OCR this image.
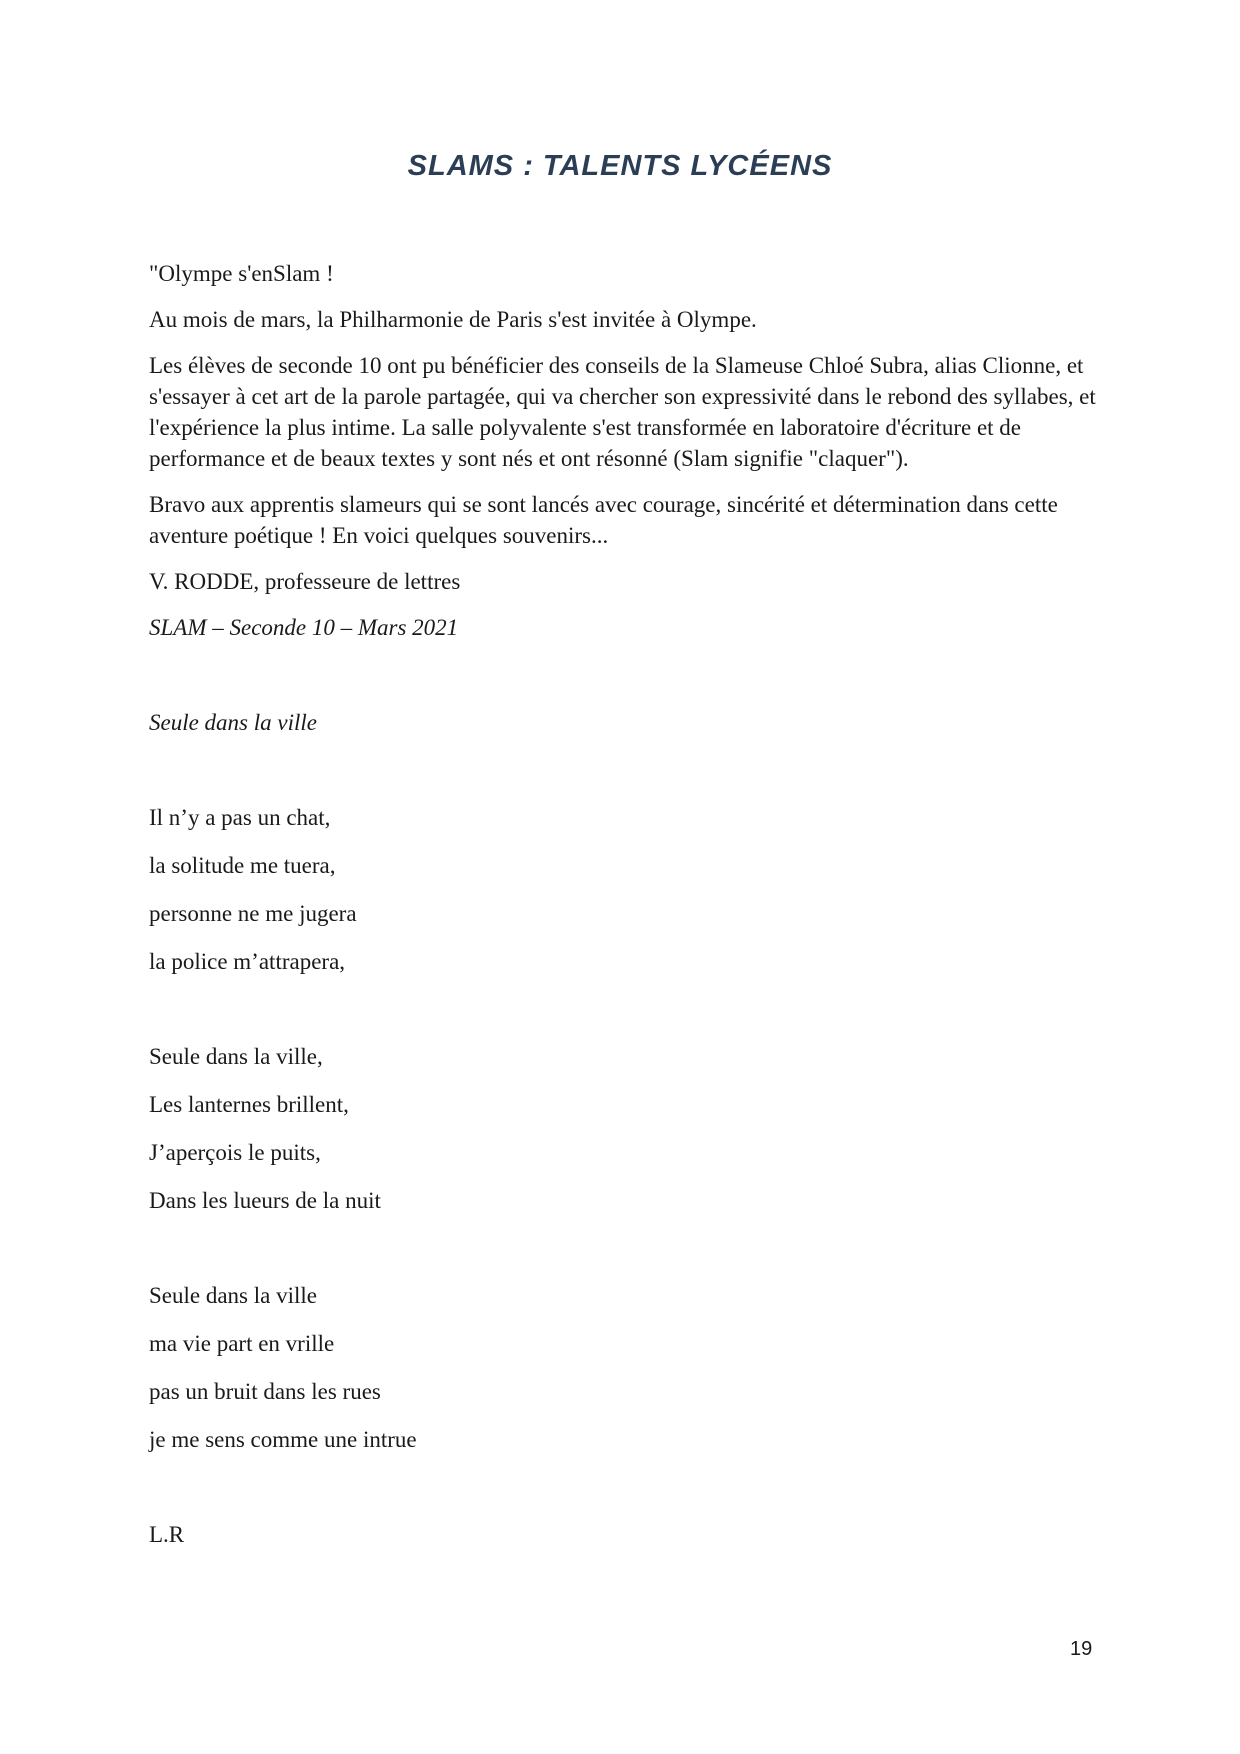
SLAMS : TALENTS LYCÉENS

"Olympe s'enSlam !

Au mois de mars, la Philharmonie de Paris s'est invitée à Olympe.

Les élèves de seconde 10 ont pu bénéficier des conseils de la Slameuse Chloé Subra, alias Clionne, et s'essayer à cet art de la parole partagée, qui va chercher son expressivité dans le rebond des syllabes, et l'expérience la plus intime. La salle polyvalente s'est transformée en laboratoire d'écriture et de performance et de beaux textes y sont nés et ont résonné (Slam signifie "claquer").

Bravo aux apprentis slameurs qui se sont lancés avec courage, sincérité et détermination dans cette aventure poétique ! En voici quelques souvenirs...

V. RODDE, professeure de lettres

SLAM – Seconde 10 – Mars 2021

Seule dans la ville

Il n’y a pas un chat,
la solitude me tuera,
personne ne me jugera
la police m’attrapera,
Seule dans la ville,
Les lanternes brillent,
J’aperçois le puits,
Dans les lueurs de la nuit
Seule dans la ville
ma vie part en vrille
pas un bruit dans les rues
je me sens comme une intrue

L.R

19
